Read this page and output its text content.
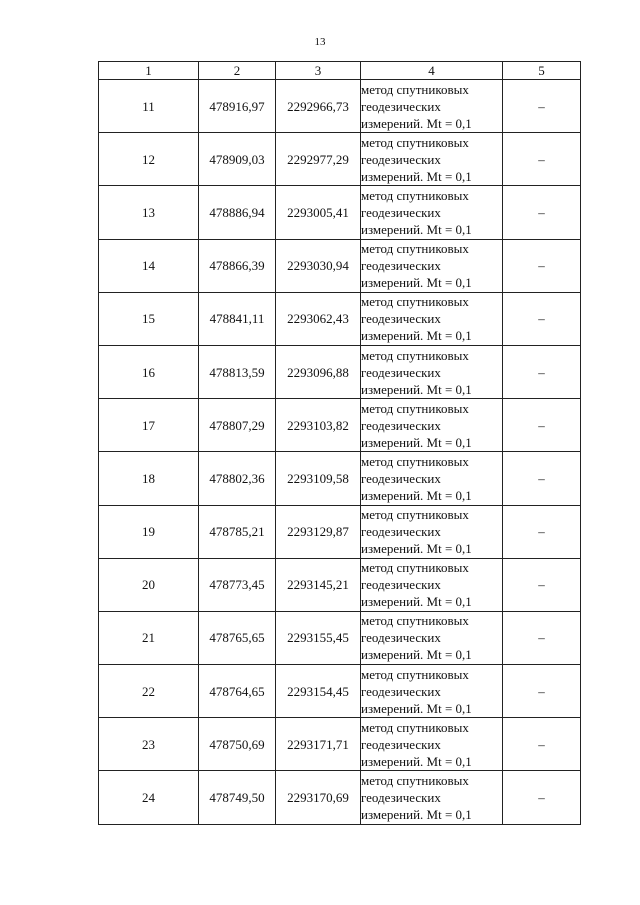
13
1	2	3	4	5
11	478916,97	2292966,73	метод спутниковых
геодезических
измерений. Mt = 0,1	–
12	478909,03	2292977,29	метод спутниковых
геодезических
измерений. Mt = 0,1	–
13	478886,94	2293005,41	метод спутниковых
геодезических
измерений. Mt = 0,1	–
14	478866,39	2293030,94	метод спутниковых
геодезических
измерений. Mt = 0,1	–
15	478841,11	2293062,43	метод спутниковых
геодезических
измерений. Mt = 0,1	–
16	478813,59	2293096,88	метод спутниковых
геодезических
измерений. Mt = 0,1	–
17	478807,29	2293103,82	метод спутниковых
геодезических
измерений. Mt = 0,1	–
18	478802,36	2293109,58	метод спутниковых
геодезических
измерений. Mt = 0,1	–
19	478785,21	2293129,87	метод спутниковых
геодезических
измерений. Mt = 0,1	–
20	478773,45	2293145,21	метод спутниковых
геодезических
измерений. Mt = 0,1	–
21	478765,65	2293155,45	метод спутниковых
геодезических
измерений. Mt = 0,1	–
22	478764,65	2293154,45	метод спутниковых
геодезических
измерений. Mt = 0,1	–
23	478750,69	2293171,71	метод спутниковых
геодезических
измерений. Mt = 0,1	–
24	478749,50	2293170,69	метод спутниковых
геодезических
измерений. Mt = 0,1	–
